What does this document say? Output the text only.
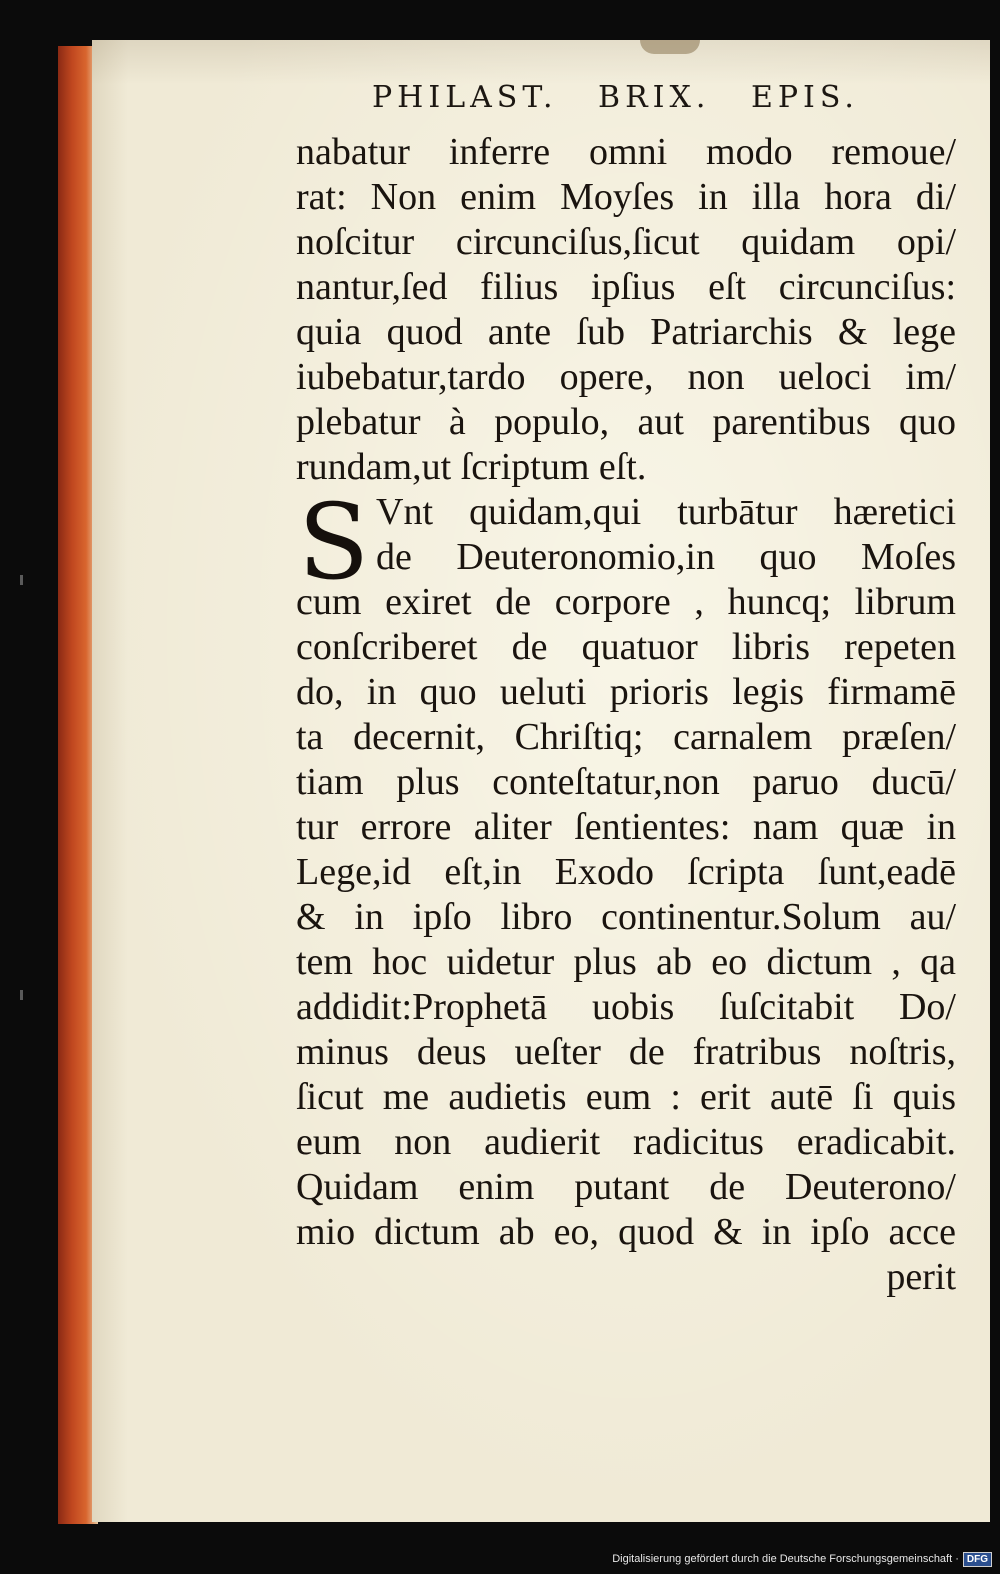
PHILAST. BRIX. EPIS.
nabatur inferre omni modo remoue/
rat: Non enim Moyſes in illa hora di/
noſcitur circunciſus,ſicut quidam opi/
nantur,ſed filius ipſius eſt circunciſus:
quia quod ante ſub Patriarchis & lege
iubebatur,tardo opere, non ueloci im/
plebatur à populo, aut parentibus quo
rundam,ut ſcriptum eſt.
S Vnt quidam,qui turbātur hæretici
de Deuteronomio,in quo Moſes
cum exiret de corpore , huncq; librum
conſcriberet de quatuor libris repeten
do, in quo ueluti prioris legis firmamē
ta decernit, Chriſtiq; carnalem præſen/
tiam plus conteſtatur,non paruo ducū/
tur errore aliter ſentientes: nam quæ in
Lege,id eſt,in Exodo ſcripta ſunt,eadē
& in ipſo libro continentur.Solum au/
tem hoc uidetur plus ab eo dictum , qa
addidit:Prophetā uobis ſuſcitabit Do/
minus deus ueſter de fratribus noſtris,
ſicut me audietis eum : erit autē ſi quis
eum non audierit radicitus eradicabit.
Quidam enim putant de Deuterono/
mio dictum ab eo, quod & in ipſo acce
perit
Digitalisierung gefördert durch die Deutsche Forschungsgemeinschaft · DFG
